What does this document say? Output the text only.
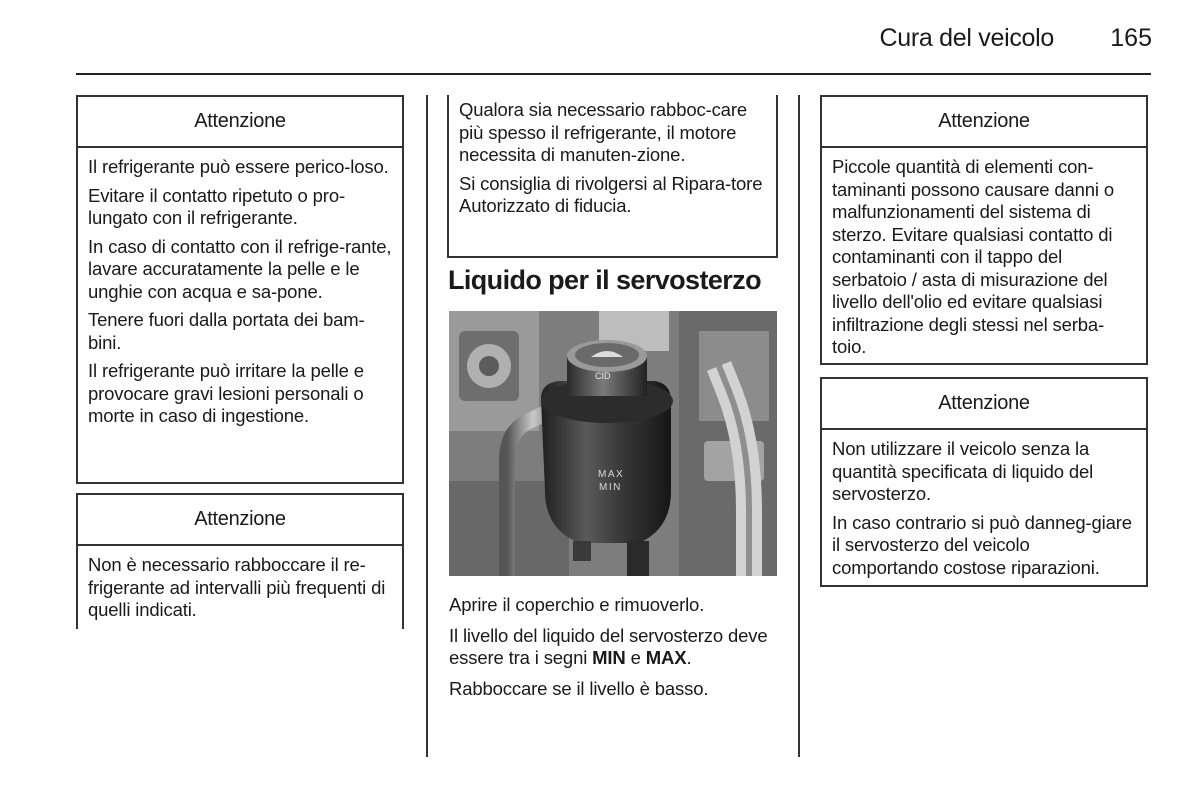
Cura del veicolo 165
Attenzione

Il refrigerante può essere perico-loso.

Evitare il contatto ripetuto o pro-lungato con il refrigerante.

In caso di contatto con il refrige-rante, lavare accuratamente la pelle e le unghie con acqua e sa-pone.

Tenere fuori dalla portata dei bam-bini.

Il refrigerante può irritare la pelle e provocare gravi lesioni personali o morte in caso di ingestione.

Attenzione

Non è necessario rabboccare il re-frigerante ad intervalli più frequenti di quelli indicati.

Qualora sia necessario rabboc-care più spesso il refrigerante, il motore necessita di manuten-zione.

Si consiglia di rivolgersi al Ripara-tore Autorizzato di fiducia.

Liquido per il servosterzo
CID
MAX
MIN

Aprire il coperchio e rimuoverlo.

Il livello del liquido del servosterzo deve essere tra i segni MIN e MAX.

Rabboccare se il livello è basso.

Attenzione

Piccole quantità di elementi con-taminanti possono causare danni o malfunzionamenti del sistema di sterzo. Evitare qualsiasi contatto di contaminanti con il tappo del serbatoio / asta di misurazione del livello dell'olio ed evitare qualsiasi infiltrazione degli stessi nel serba-toio.

Attenzione

Non utilizzare il veicolo senza la quantità specificata di liquido del servosterzo.

In caso contrario si può danneg-giare il servosterzo del veicolo comportando costose riparazioni.
